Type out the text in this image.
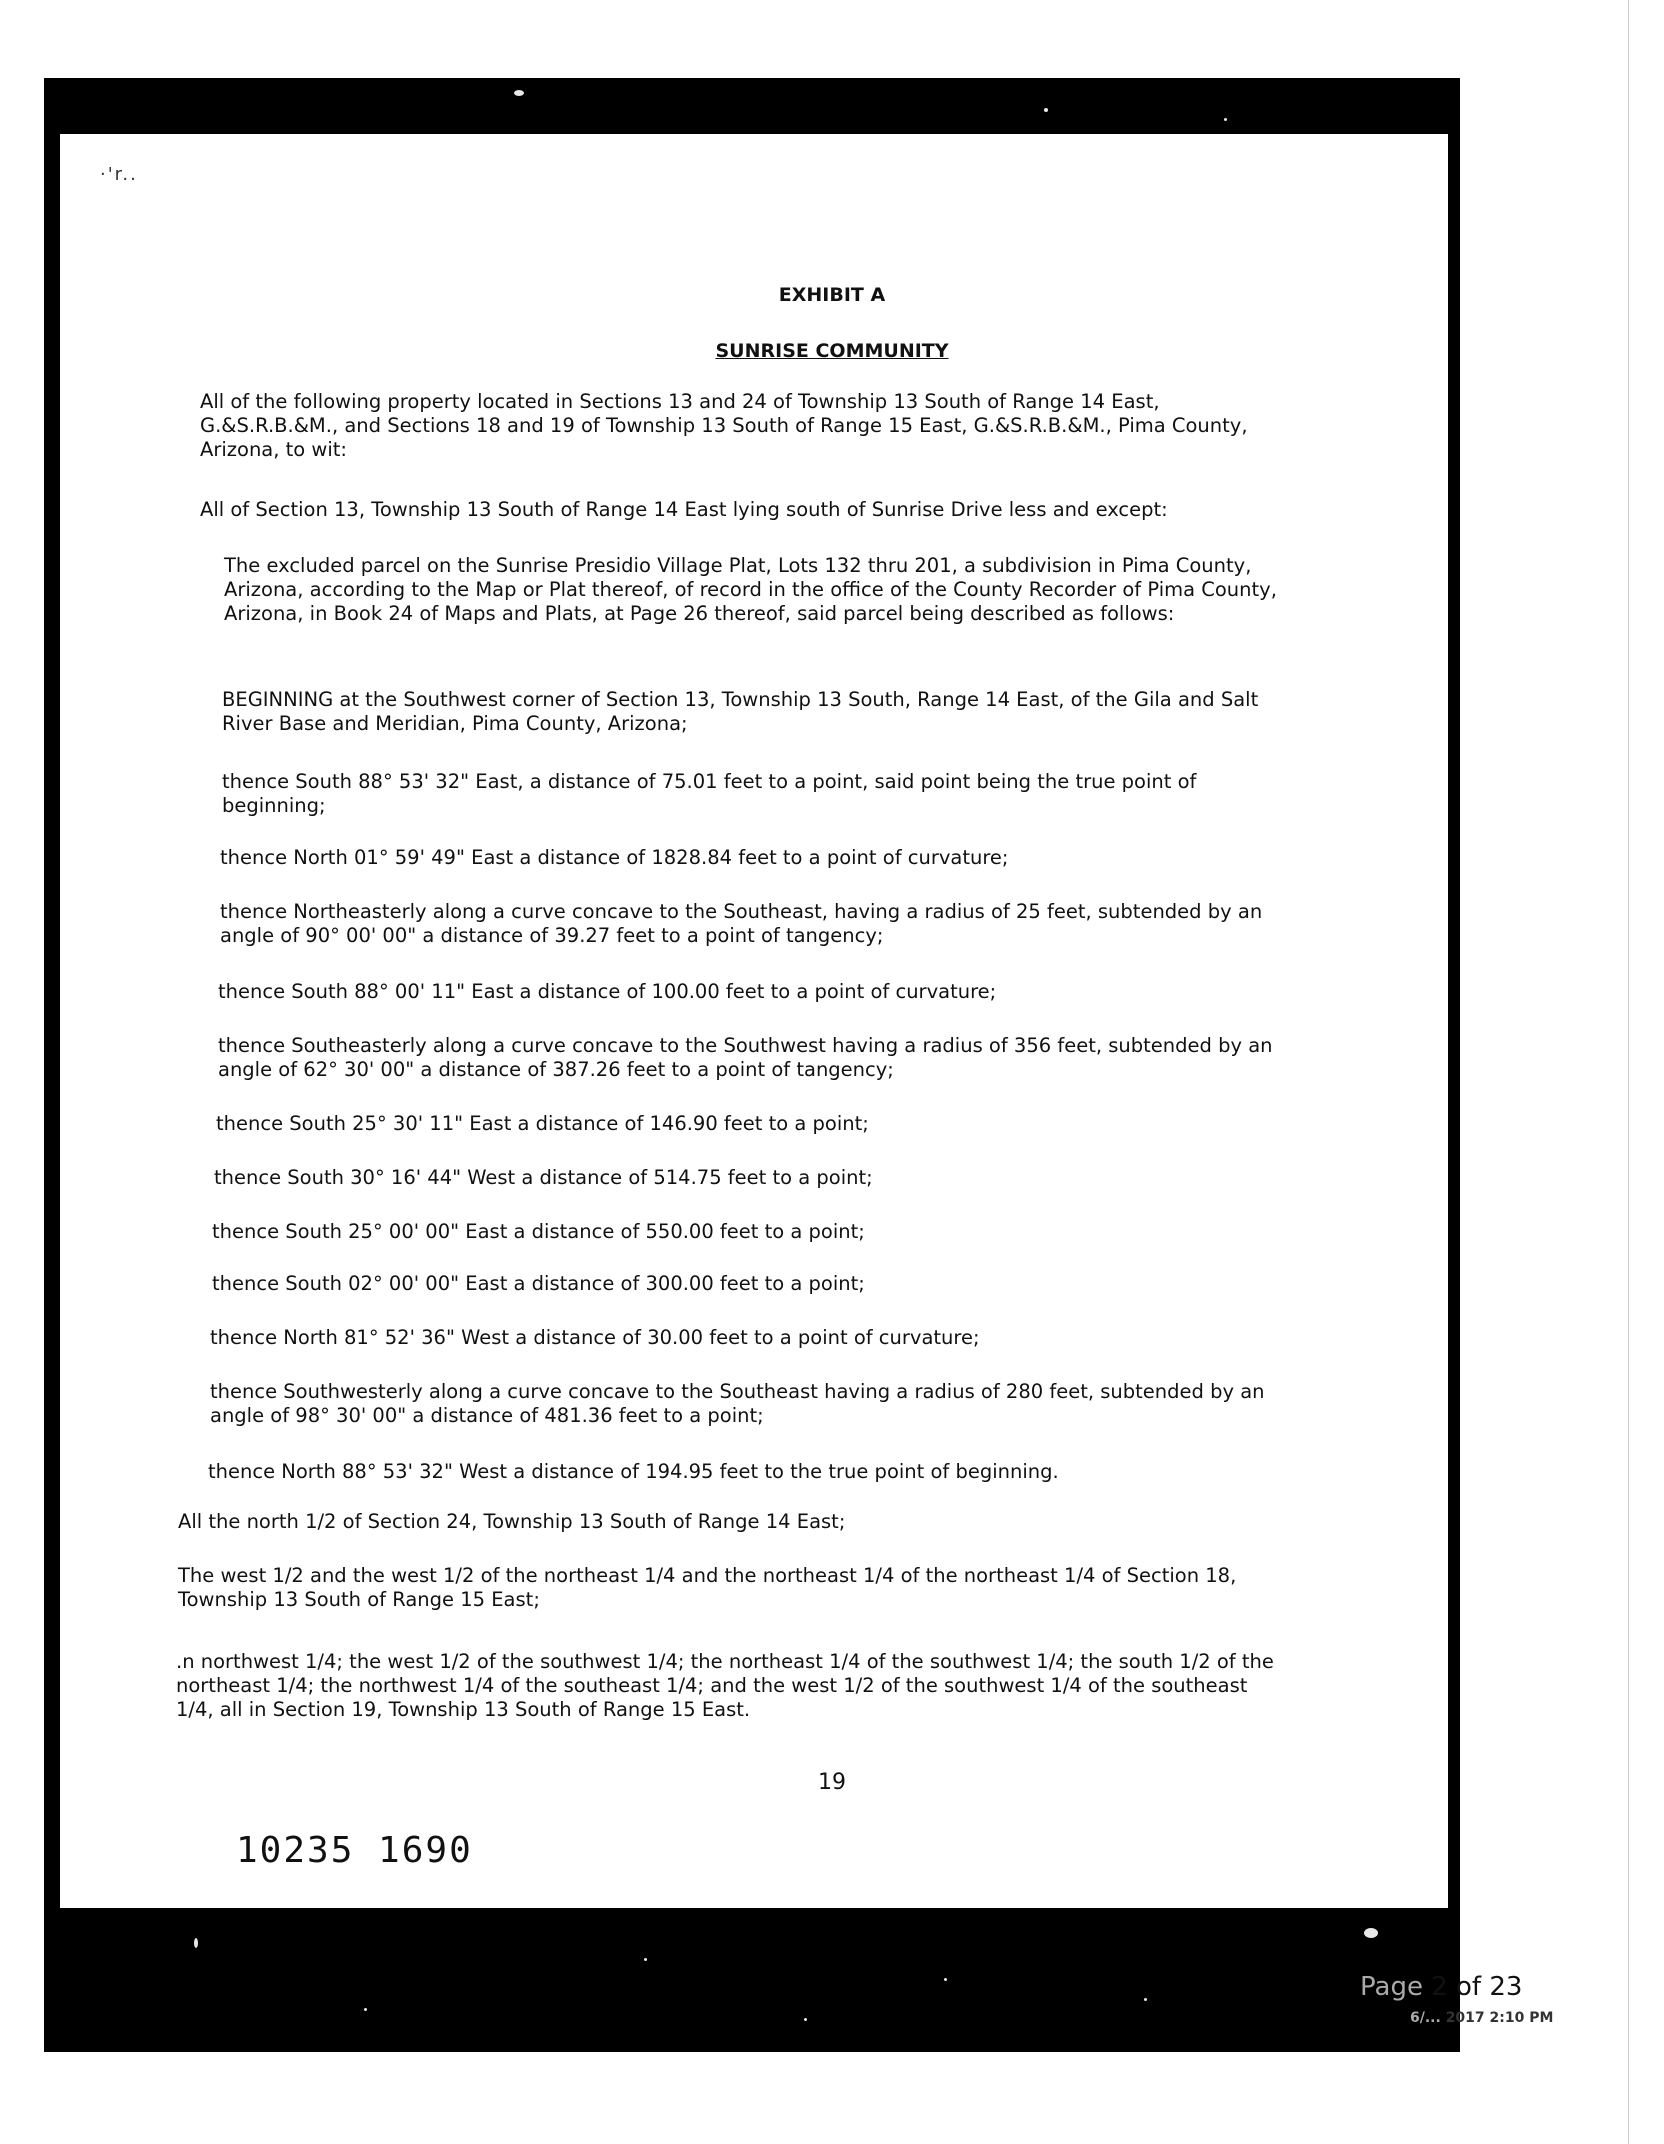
·'r..
EXHIBIT A
SUNRISE COMMUNITY

All of the following property located in Sections 13 and 24 of Township 13 South of Range 14 East, G.&S.R.B.&M., and Sections 18 and 19 of Township 13 South of Range 15 East, G.&S.R.B.&M., Pima County, Arizona, to wit:

All of Section 13, Township 13 South of Range 14 East lying south of Sunrise Drive less and except:

The excluded parcel on the Sunrise Presidio Village Plat, Lots 132 thru 201, a subdivision in Pima County, Arizona, according to the Map or Plat thereof, of record in the office of the County Recorder of Pima County, Arizona, in Book 24 of Maps and Plats, at Page 26 thereof, said parcel being described as follows:

BEGINNING at the Southwest corner of Section 13, Township 13 South, Range 14 East, of the Gila and Salt River Base and Meridian, Pima County, Arizona;

thence South 88° 53' 32" East, a distance of 75.01 feet to a point, said point being the true point of beginning;

thence North 01° 59' 49" East a distance of 1828.84 feet to a point of curvature;

thence Northeasterly along a curve concave to the Southeast, having a radius of 25 feet, subtended by an angle of 90° 00' 00" a distance of 39.27 feet to a point of tangency;

thence South 88° 00' 11" East a distance of 100.00 feet to a point of curvature;

thence Southeasterly along a curve concave to the Southwest having a radius of 356 feet, subtended by an angle of 62° 30' 00" a distance of 387.26 feet to a point of tangency;

thence South 25° 30' 11" East a distance of 146.90 feet to a point;

thence South 30° 16' 44" West a distance of 514.75 feet to a point;

thence South 25° 00' 00" East a distance of 550.00 feet to a point;

thence South 02° 00' 00" East a distance of 300.00 feet to a point;

thence North 81° 52' 36" West a distance of 30.00 feet to a point of curvature;

thence Southwesterly along a curve concave to the Southeast having a radius of 280 feet, subtended by an angle of 98° 30' 00" a distance of 481.36 feet to a point;

thence North 88° 53' 32" West a distance of 194.95 feet to the true point of beginning.

All the north 1/2 of Section 24, Township 13 South of Range 14 East;

The west 1/2 and the west 1/2 of the northeast 1/4 and the northeast 1/4 of the northeast 1/4 of Section 18, Township 13 South of Range 15 East;

.n northwest 1/4; the west 1/2 of the southwest 1/4; the northeast 1/4 of the southwest 1/4; the south 1/2 of the northeast 1/4; the northwest 1/4 of the southeast 1/4; and the west 1/2 of the southwest 1/4 of the southeast 1/4, all in Section 19, Township 13 South of Range 15 East.

19
10235 1690
Page 2 of 23
6/... 2017 2:10 PM
